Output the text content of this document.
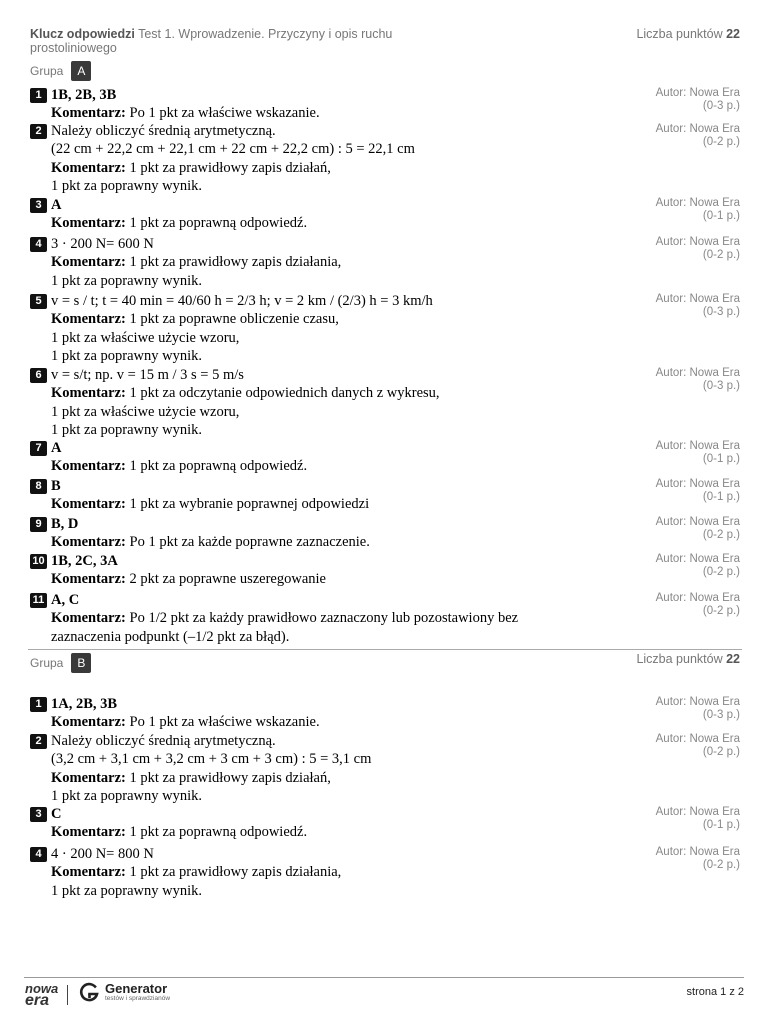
Klucz odpowiedzi Test 1. Wprowadzenie. Przyczyny i opis ruchu
prostoliniowego
Liczba punktów 22
Grupa	A
1 1B, 2B, 3B
Komentarz: Po 1 pkt za właściwe wskazanie.
Autor: Nowa Era
(0-3 p.)
2 Należy obliczyć średnią arytmetyczną.
(22 cm + 22,2 cm + 22,1 cm + 22 cm + 22,2 cm) : 5 = 22,1 cm
Komentarz: 1 pkt za prawidłowy zapis działań,
1 pkt za poprawny wynik.
Autor: Nowa Era
(0-2 p.)
3 A
Komentarz: 1 pkt za poprawną odpowiedź.
Autor: Nowa Era
(0-1 p.)
4 3 · 200 N= 600 N
Komentarz: 1 pkt za prawidłowy zapis działania,
1 pkt za poprawny wynik.
Autor: Nowa Era
(0-2 p.)
5 v = s / t; t = 40 min = 40/60 h = 2/3 h; v = 2 km / (2/3) h = 3 km/h
Komentarz: 1 pkt za poprawne obliczenie czasu,
1 pkt za właściwe użycie wzoru,
1 pkt za poprawny wynik.
Autor: Nowa Era
(0-3 p.)
6 v = s/t; np. v = 15 m / 3 s = 5 m/s
Komentarz: 1 pkt za odczytanie odpowiednich danych z wykresu,
1 pkt za właściwe użycie wzoru,
1 pkt za poprawny wynik.
Autor: Nowa Era
(0-3 p.)
7 A
Komentarz: 1 pkt za poprawną odpowiedź.
Autor: Nowa Era
(0-1 p.)
8 B
Komentarz: 1 pkt za wybranie poprawnej odpowiedzi
Autor: Nowa Era
(0-1 p.)
9 B, D
Komentarz: Po 1 pkt za każde poprawne zaznaczenie.
Autor: Nowa Era
(0-2 p.)
10 1B, 2C, 3A
Komentarz: 2 pkt za poprawne uszeregowanie
Autor: Nowa Era
(0-2 p.)
11 A, C
Komentarz: Po 1/2 pkt za każdy prawidłowo zaznaczony lub pozostawiony bez
zaznaczenia podpunkt (–1/2 pkt za błąd).
Autor: Nowa Era
(0-2 p.)
Grupa	B	Liczba punktów 22
1 1A, 2B, 3B
Komentarz: Po 1 pkt za właściwe wskazanie.
Autor: Nowa Era
(0-3 p.)
2 Należy obliczyć średnią arytmetyczną.
(3,2 cm + 3,1 cm + 3,2 cm + 3 cm + 3 cm) : 5 = 3,1 cm
Komentarz: 1 pkt za prawidłowy zapis działań,
1 pkt za poprawny wynik.
Autor: Nowa Era
(0-2 p.)
3 C
Komentarz: 1 pkt za poprawną odpowiedź.
Autor: Nowa Era
(0-1 p.)
4 4 · 200 N= 800 N
Komentarz: 1 pkt za prawidłowy zapis działania,
1 pkt za poprawny wynik.
Autor: Nowa Era
(0-2 p.)
nowa
era
Generator
testów i sprawdzianów	strona 1 z 2
